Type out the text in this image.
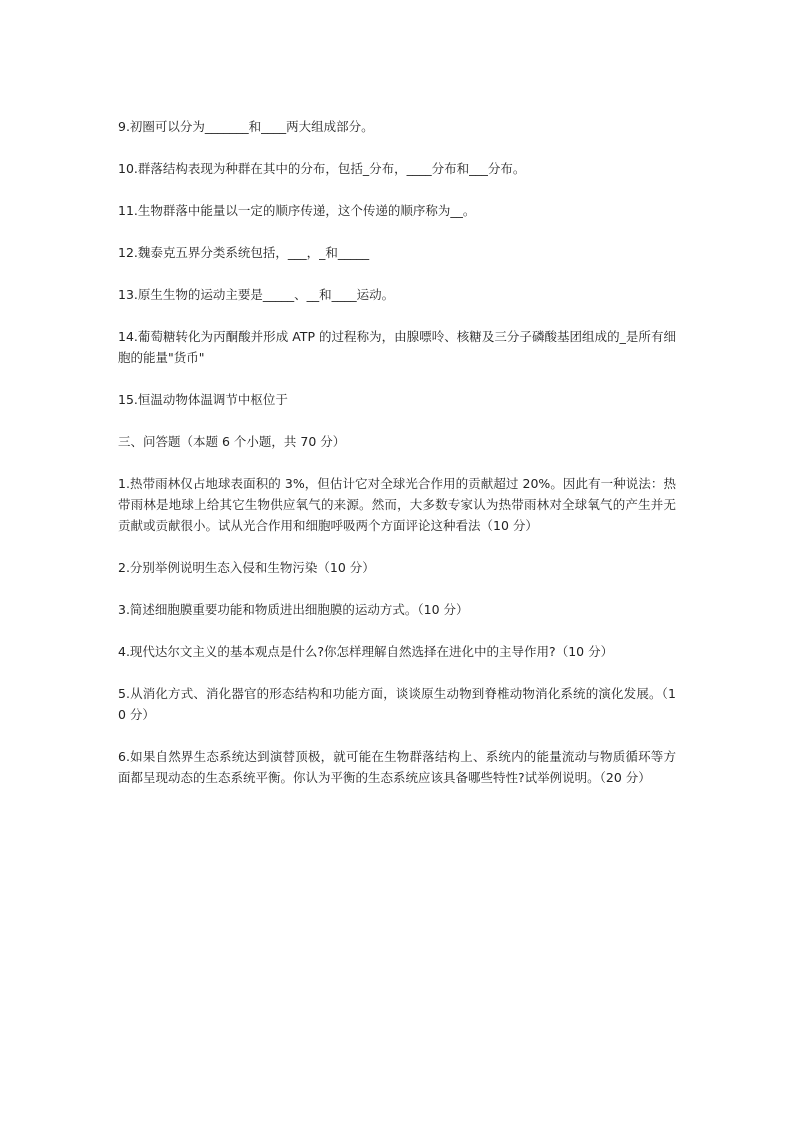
9.初圈可以分为_______和____两大组成部分。

10.群落结构表现为种群在其中的分布，包括_分布，____分布和___分布。

11.生物群落中能量以一定的顺序传递，这个传递的顺序称为__。

12.魏泰克五界分类系统包括，___，_和_____

13.原生生物的运动主要是_____、__和____运动。

14.葡萄糖转化为丙酮酸并形成 ATP 的过程称为，由腺嘌呤、核糖及三分子磷酸基团组成的_是所有细胞的能量"货币"

15.恒温动物体温调节中枢位于

三、问答题（本题 6 个小题，共 70 分）

1.热带雨林仅占地球表面积的 3%，但估计它对全球光合作用的贡献超过 20%。因此有一种说法：热带雨林是地球上给其它生物供应氧气的来源。然而，大多数专家认为热带雨林对全球氧气的产生并无贡献或贡献很小。试从光合作用和细胞呼吸两个方面评论这种看法（10 分）

2.分别举例说明生态入侵和生物污染（10 分）

3.简述细胞膜重要功能和物质进出细胞膜的运动方式。（10 分）

4.现代达尔文主义的基本观点是什么?你怎样理解自然选择在进化中的主导作用?（10 分）

5.从消化方式、消化器官的形态结构和功能方面，谈谈原生动物到脊椎动物消化系统的演化发展。（10 分）

6.如果自然界生态系统达到演替顶极，就可能在生物群落结构上、系统内的能量流动与物质循环等方面都呈现动态的生态系统平衡。你认为平衡的生态系统应该具备哪些特性?试举例说明。（20 分）
